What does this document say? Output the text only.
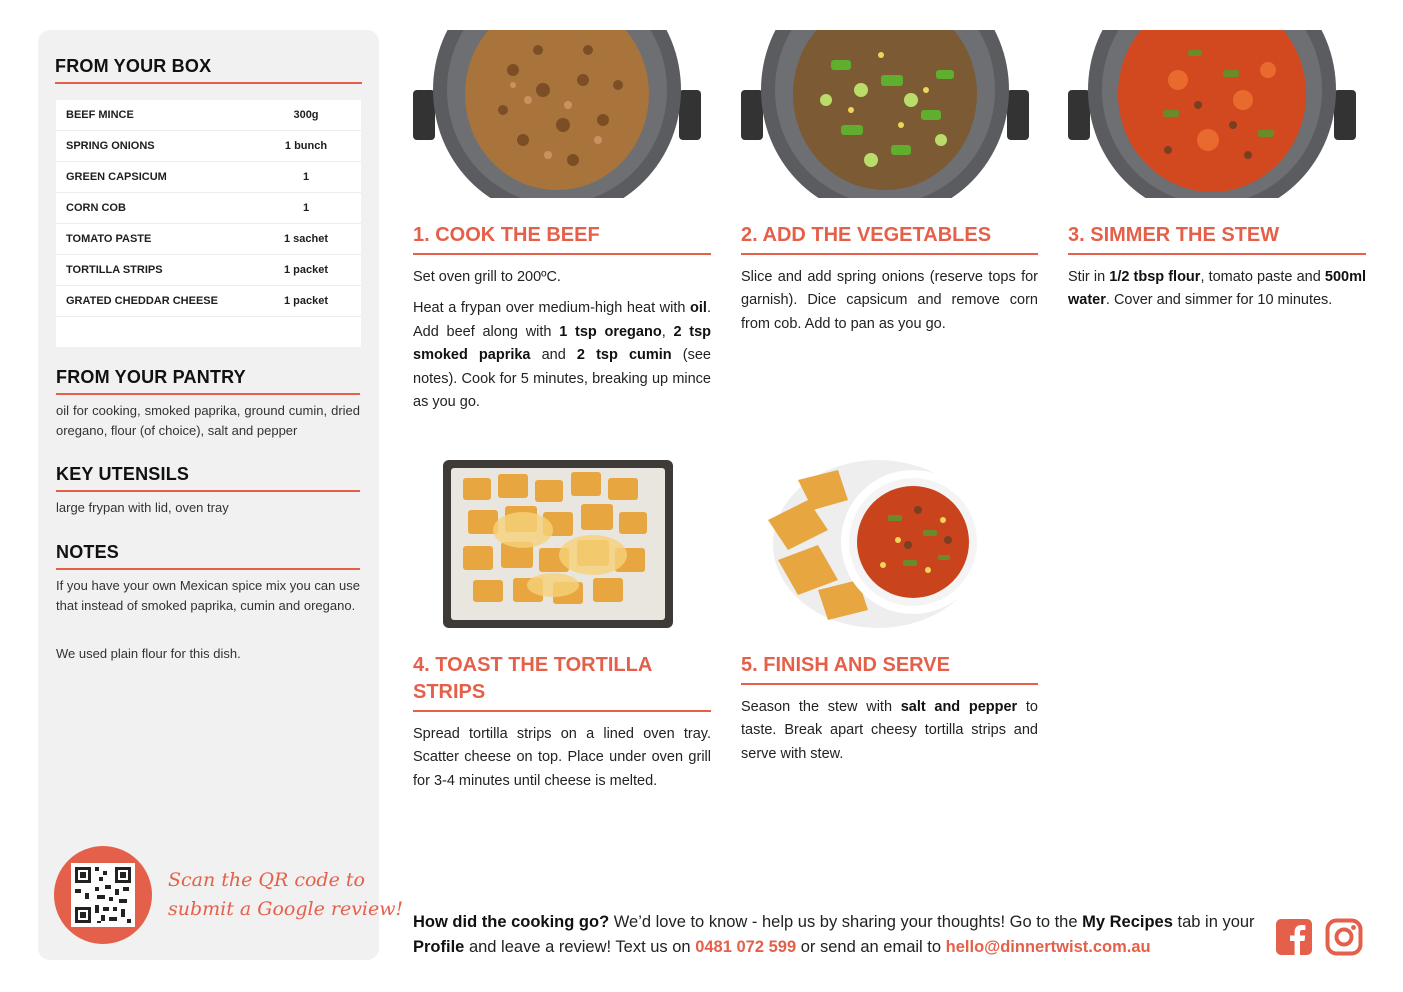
FROM YOUR BOX
BEEF MINCE	300g
SPRING ONIONS	1 bunch
GREEN CAPSICUM	1
CORN COB	1
TOMATO PASTE	1 sachet
TORTILLA STRIPS	1 packet
GRATED CHEDDAR CHEESE	1 packet
FROM YOUR PANTRY
oil for cooking, smoked paprika, ground cumin, dried oregano, flour (of choice), salt and pepper
KEY UTENSILS
large frypan with lid, oven tray
NOTES
If you have your own Mexican spice mix you can use that instead of smoked paprika, cumin and oregano.
We used plain flour for this dish.
Scan the QR code to
submit a Google review!
1. COOK THE BEEF

Set oven grill to 200ºC.

Heat a frypan over medium-high heat with oil. Add beef along with 1 tsp oregano, 2 tsp smoked paprika and 2 tsp cumin (see notes). Cook for 5 minutes, breaking up mince as you go.

2. ADD THE VEGETABLES

Slice and add spring onions (reserve tops for garnish). Dice capsicum and remove corn from cob. Add to pan as you go.

3. SIMMER THE STEW

Stir in 1/2 tbsp flour, tomato paste and 500ml water. Cover and simmer for 10 minutes.

4. TOAST THE TORTILLA STRIPS

Spread tortilla strips on a lined oven tray. Scatter cheese on top. Place under oven grill for 3-4 minutes until cheese is melted.

5. FINISH AND SERVE

Season the stew with salt and pepper to taste. Break apart cheesy tortilla strips and serve with stew.

How did the cooking go? We’d love to know - help us by sharing your thoughts! Go to the My Recipes tab in your Profile and leave a review! Text us on 0481 072 599 or send an email to hello@dinnertwist.com.au
